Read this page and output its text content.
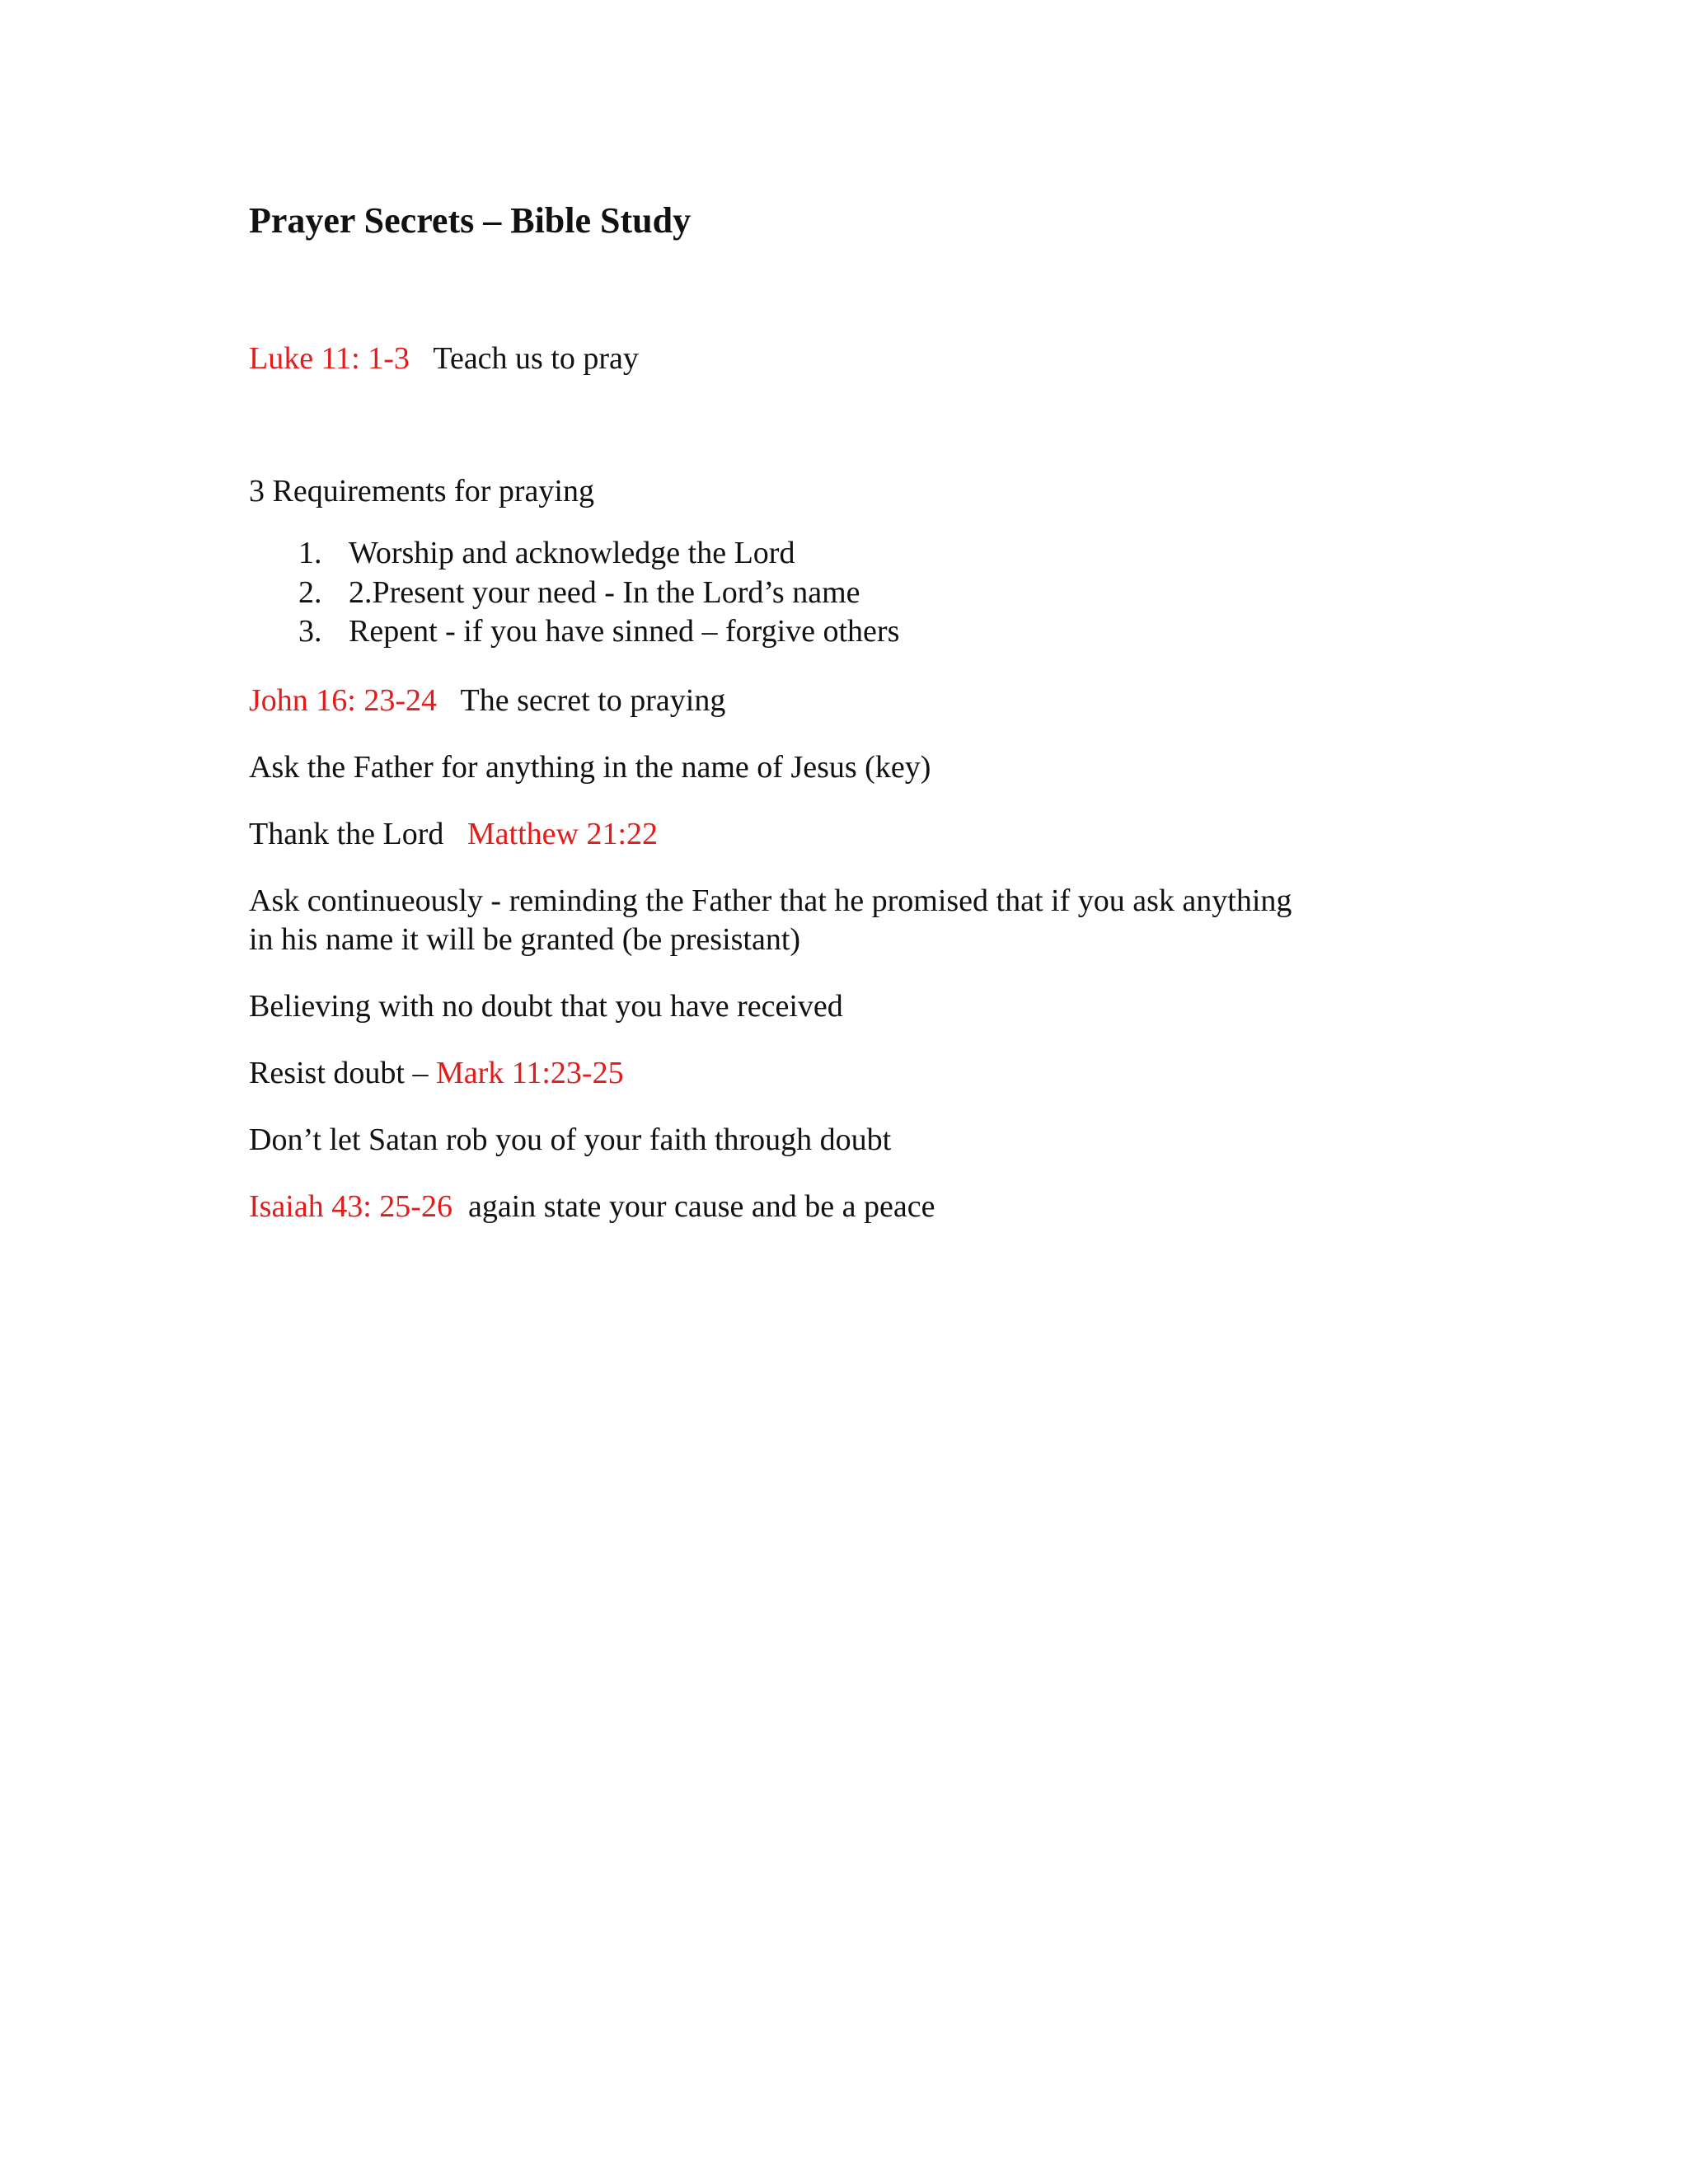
Prayer Secrets – Bible Study
Luke 11: 1-3 Teach us to pray
3 Requirements for praying
1. Worship and acknowledge the Lord
2. 2.Present your need - In the Lord’s name
3. Repent - if you have sinned – forgive others
John 16: 23-24 The secret to praying
Ask the Father for anything in the name of Jesus (key)
Thank the Lord Matthew 21:22
Ask continueously - reminding the Father that he promised that if you ask anything
in his name it will be granted (be presistant)
Believing with no doubt that you have received
Resist doubt – Mark 11:23-25
Don’t let Satan rob you of your faith through doubt
Isaiah 43: 25-26 again state your cause and be a peace
